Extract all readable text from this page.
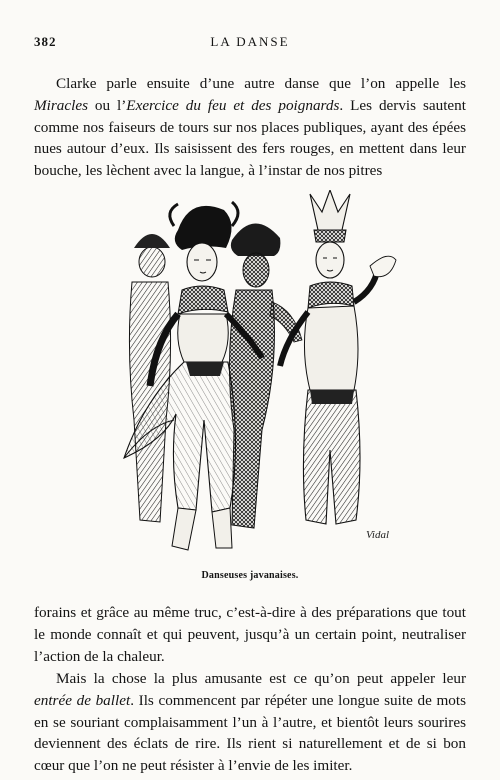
382	LA DANSE

Clarke parle ensuite d’une autre danse que l’on appelle les Miracles ou l’Exercice du feu et des poignards. Les dervis sautent comme nos faiseurs de tours sur nos places publiques, ayant des épées nues autour d’eux. Ils saisissent des fers rouges, en mettent dans leur bouche, les lèchent avec la langue, à l’instar de nos pitres

Vidal
Danseuses javanaises.

forains et grâce au même truc, c’est-à-dire à des préparations que tout le monde connaît et qui peuvent, jusqu’à un certain point, neutraliser l’action de la chaleur.

Mais la chose la plus amusante est ce qu’on peut appeler leur entrée de ballet. Ils commencent par répéter une longue suite de mots en se souriant complaisamment l’un à l’autre, et bientôt leurs sourires deviennent des éclats de rire. Ils rient si naturellement et de si bon cœur que l’on ne peut résister à l’envie de les imiter.
